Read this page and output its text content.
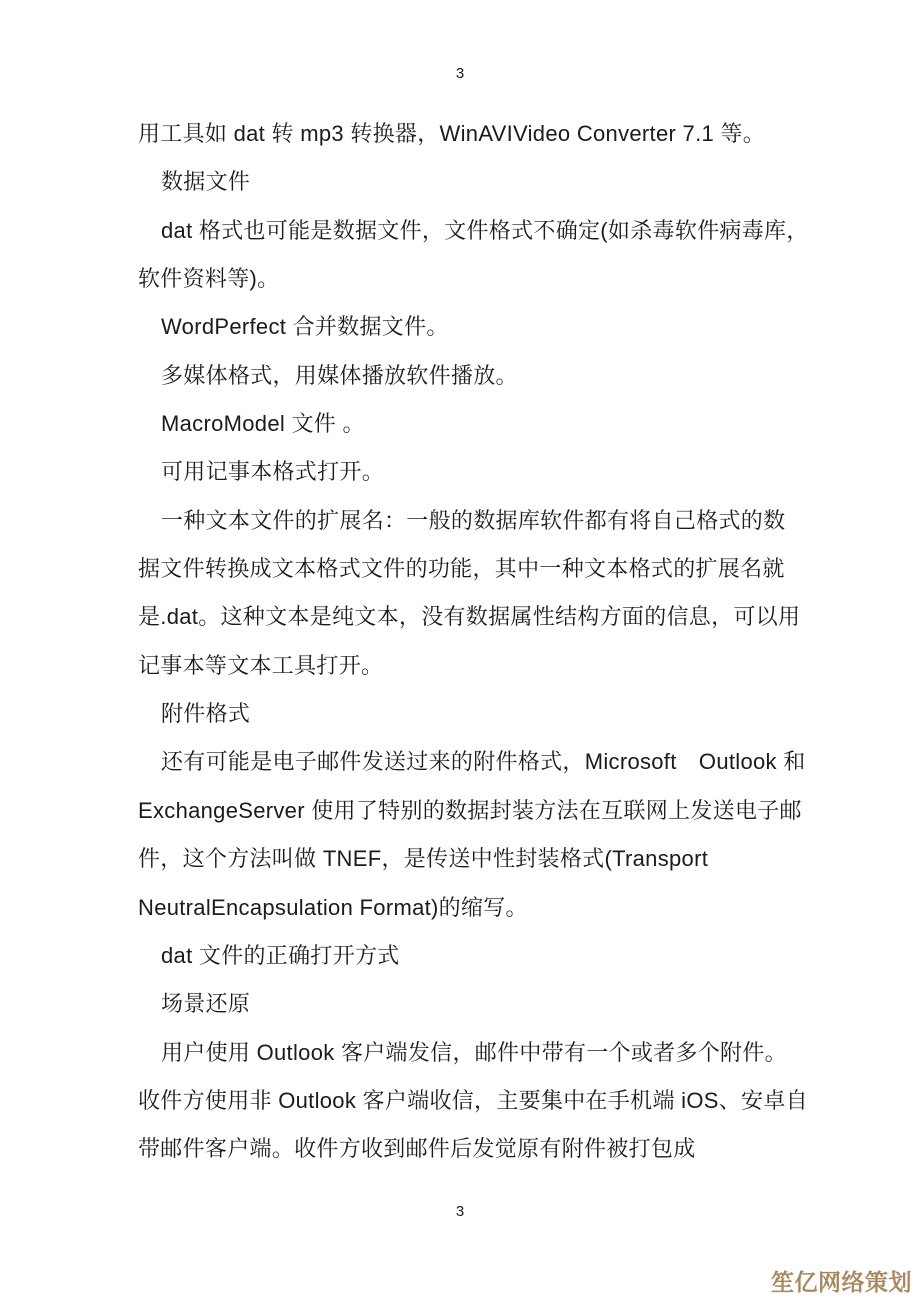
3
用工具如 dat 转 mp3 转换器，WinAVIVideo Converter 7.1 等。
数据文件
dat 格式也可能是数据文件，文件格式不确定(如杀毒软件病毒库，
软件资料等)。
WordPerfect 合并数据文件。
多媒体格式，用媒体播放软件播放。
MacroModel 文件 。
可用记事本格式打开。
一种文本文件的扩展名：一般的数据库软件都有将自己格式的数
据文件转换成文本格式文件的功能，其中一种文本格式的扩展名就
是.dat。这种文本是纯文本，没有数据属性结构方面的信息，可以用
记事本等文本工具打开。
附件格式
还有可能是电子邮件发送过来的附件格式，Microsoft　Outlook 和
ExchangeServer 使用了特别的数据封装方法在互联网上发送电子邮
件，这个方法叫做 TNEF，是传送中性封装格式(Transport
NeutralEncapsulation Format)的缩写。
dat 文件的正确打开方式
场景还原
用户使用 Outlook 客户端发信，邮件中带有一个或者多个附件。
收件方使用非 Outlook 客户端收信，主要集中在手机端 iOS、安卓自
带邮件客户端。收件方收到邮件后发觉原有附件被打包成
3
笙亿网络策划
